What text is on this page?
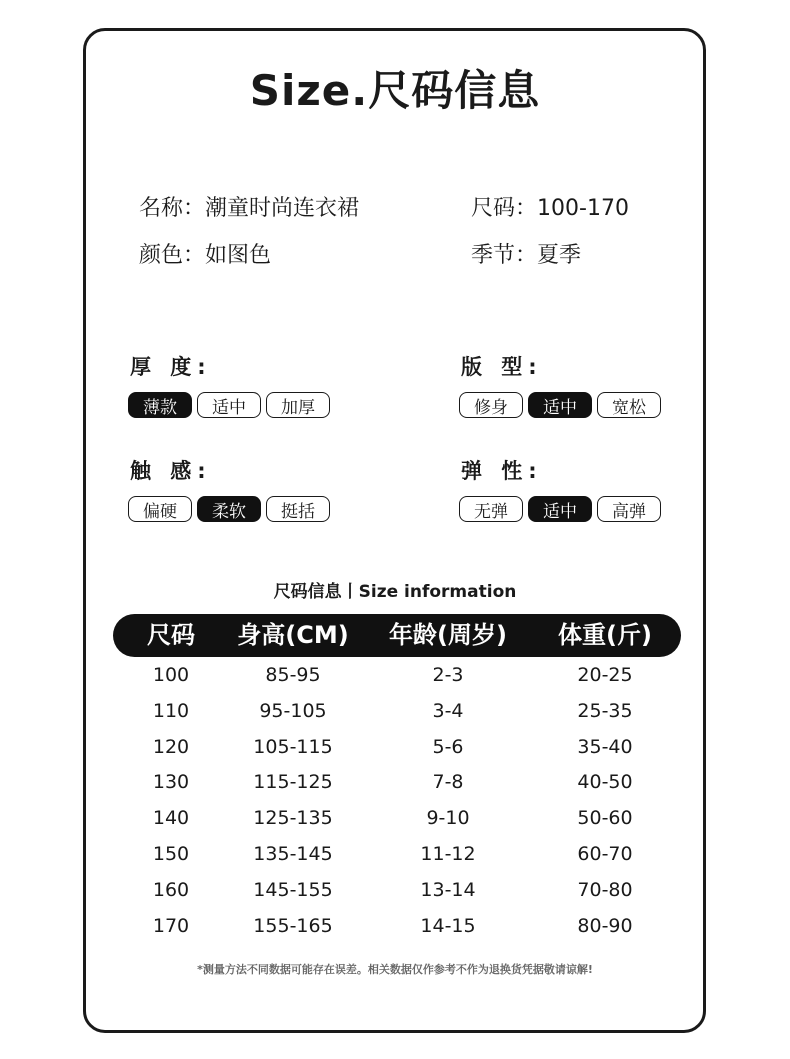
Size.尺码信息
名称：潮童时尚连衣裙	尺码：100-170
颜色：如图色	季节：夏季
厚 度:
薄款	适中	加厚
版 型:
修身	适中	宽松
触 感:
偏硬	柔软	挺括
弹 性:
无弹	适中	高弹
尺码信息丨Size information
尺码 身高(CM) 年龄(周岁) 体重(斤)
100	85-95	2-3	20-25
110	95-105	3-4	25-35
120	105-115	5-6	35-40
130	115-125	7-8	40-50
140	125-135	9-10	50-60
150	135-145	11-12	60-70
160	145-155	13-14	70-80
170	155-165	14-15	80-90
*测量方法不同数据可能存在误差。相关数据仅作参考不作为退换货凭据敬请谅解!
